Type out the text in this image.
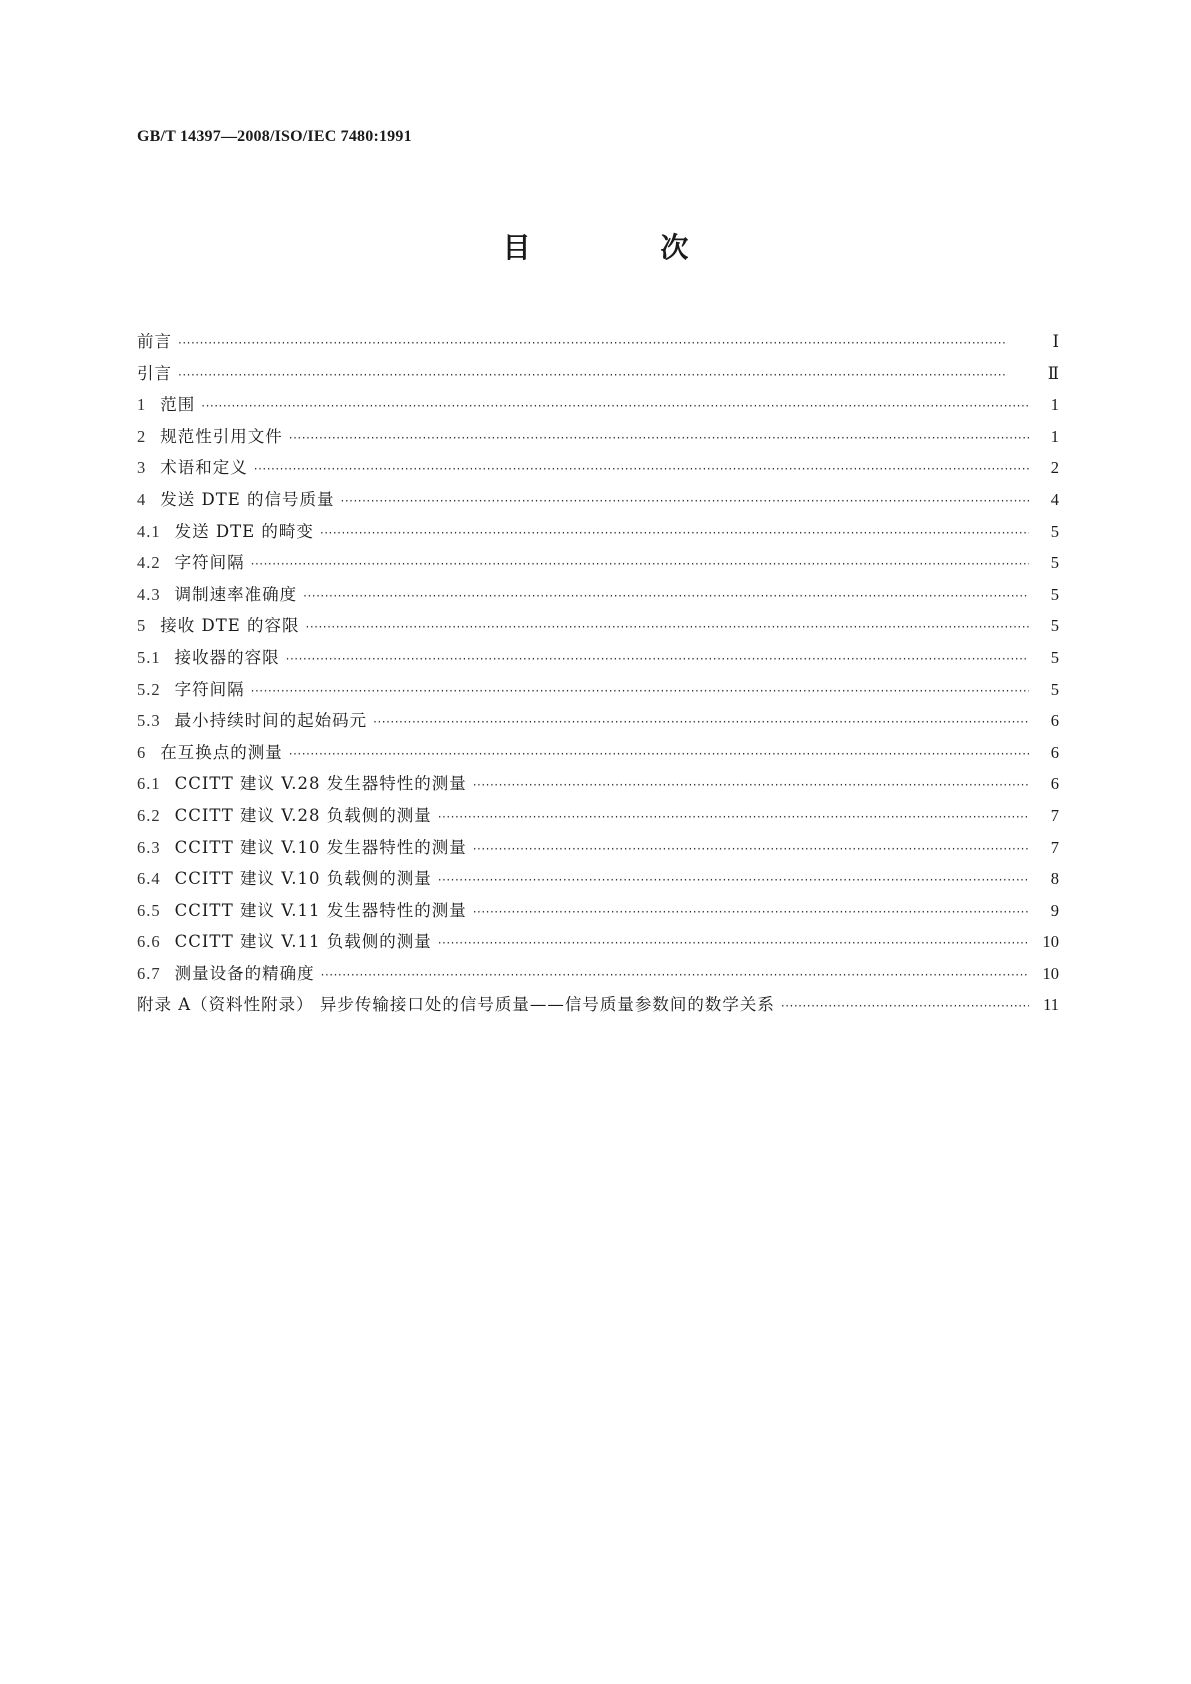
GB/T 14397—2008/ISO/IEC 7480:1991
目 次
前言 ·····	Ⅰ
引言 ·····	Ⅱ
1 范围 ·····	1
2 规范性引用文件 ·····	1
3 术语和定义 ·····	2
4 发送 DTE 的信号质量 ·····	4
4.1 发送 DTE 的畸变 ·····	5
4.2 字符间隔 ·····	5
4.3 调制速率准确度 ·····	5
5 接收 DTE 的容限 ·····	5
5.1 接收器的容限 ·····	5
5.2 字符间隔 ·····	5
5.3 最小持续时间的起始码元 ·····	6
6 在互换点的测量 ·····	6
6.1 CCITT 建议 V.28 发生器特性的测量 ·····	6
6.2 CCITT 建议 V.28 负载侧的测量 ·····	7
6.3 CCITT 建议 V.10 发生器特性的测量 ·····	7
6.4 CCITT 建议 V.10 负载侧的测量 ·····	8
6.5 CCITT 建议 V.11 发生器特性的测量 ·····	9
6.6 CCITT 建议 V.11 负载侧的测量 ·····	10
6.7 测量设备的精确度 ·····	10
附录 A（资料性附录） 异步传输接口处的信号质量——信号质量参数间的数学关系 ·····	11
